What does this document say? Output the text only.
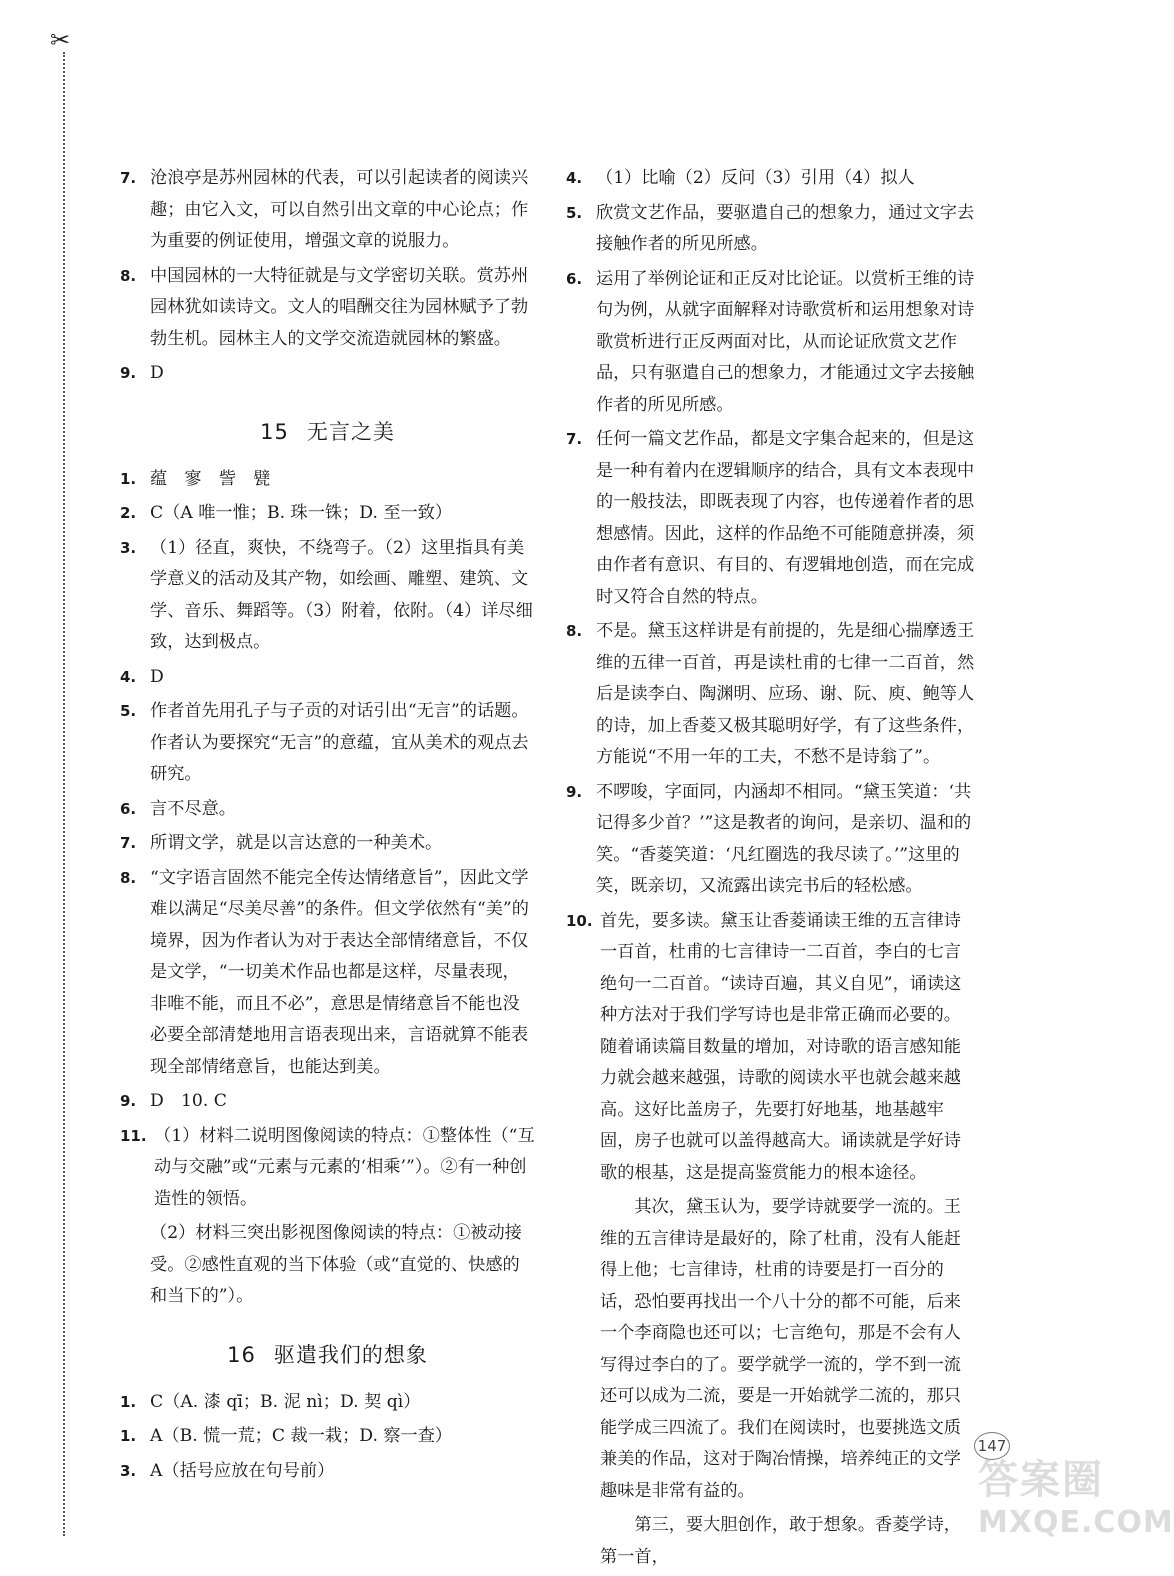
✂
7. 沧浪亭是苏州园林的代表，可以引起读者的阅读兴趣；由它入文，可以自然引出文章的中心论点；作为重要的例证使用，增强文章的说服力。
8. 中国园林的一大特征就是与文学密切关联。赏苏州园林犹如读诗文。文人的唱酬交往为园林赋予了勃勃生机。园林主人的文学交流造就园林的繁盛。
9. D
15 无言之美
1. 蕴　寥　訾　甓
2. C（A 唯一惟；B. 珠一铢；D. 至一致）
3. （1）径直，爽快，不绕弯子。（2）这里指具有美学意义的活动及其产物，如绘画、雕塑、建筑、文学、音乐、舞蹈等。（3）附着，依附。（4）详尽细致，达到极点。
4. D
5. 作者首先用孔子与子贡的对话引出“无言”的话题。作者认为要探究“无言”的意蕴，宜从美术的观点去研究。
6. 言不尽意。
7. 所谓文学，就是以言达意的一种美术。
8. “文字语言固然不能完全传达情绪意旨”，因此文学难以满足“尽美尽善”的条件。但文学依然有“美”的境界，因为作者认为对于表达全部情绪意旨，不仅是文学，“一切美术作品也都是这样，尽量表现，非唯不能，而且不必”，意思是情绪意旨不能也没必要全部清楚地用言语表现出来，言语就算不能表现全部情绪意旨，也能达到美。
9. D　10. C
11. （1）材料二说明图像阅读的特点：①整体性（“互动与交融”或“元素与元素的‘相乘’”）。②有一种创造性的领悟。
（2）材料三突出影视图像阅读的特点：①被动接受。②感性直观的当下体验（或“直觉的、快感的和当下的”）。
16 驱遣我们的想象
1. C（A. 漆 qī；B. 泥 nì；D. 契 qì）
1. A（B. 慌一荒；C 裁一栽；D. 察一查）
3. A（括号应放在句号前）
4. （1）比喻（2）反问（3）引用（4）拟人
5. 欣赏文艺作品，要驱遣自己的想象力，通过文字去接触作者的所见所感。
6. 运用了举例论证和正反对比论证。以赏析王维的诗句为例，从就字面解释对诗歌赏析和运用想象对诗歌赏析进行正反两面对比，从而论证欣赏文艺作品，只有驱遣自己的想象力，才能通过文字去接触作者的所见所感。
7. 任何一篇文艺作品，都是文字集合起来的，但是这是一种有着内在逻辑顺序的结合，具有文本表现中的一般技法，即既表现了内容，也传递着作者的思想感情。因此，这样的作品绝不可能随意拼凑，须由作者有意识、有目的、有逻辑地创造，而在完成时又符合自然的特点。
8. 不是。黛玉这样讲是有前提的，先是细心揣摩透王维的五律一百首，再是读杜甫的七律一二百首，然后是读李白、陶渊明、应玚、谢、阮、庾、鲍等人的诗，加上香菱又极其聪明好学，有了这些条件，方能说“不用一年的工夫，不愁不是诗翁了”。
9. 不啰唆，字面同，内涵却不相同。“黛玉笑道：‘共记得多少首？’”这是教者的询问，是亲切、温和的笑。“香菱笑道：‘凡红圈选的我尽读了。’”这里的笑，既亲切，又流露出读完书后的轻松感。
10. 首先，要多读。黛玉让香菱诵读王维的五言律诗一百首，杜甫的七言律诗一二百首，李白的七言绝句一二百首。“读诗百遍，其义自见”，诵读这种方法对于我们学写诗也是非常正确而必要的。随着诵读篇目数量的增加，对诗歌的语言感知能力就会越来越强，诗歌的阅读水平也就会越来越高。这好比盖房子，先要打好地基，地基越牢固，房子也就可以盖得越高大。诵读就是学好诗歌的根基，这是提高鉴赏能力的根本途径。
其次，黛玉认为，要学诗就要学一流的。王维的五言律诗是最好的，除了杜甫，没有人能赶得上他；七言律诗，杜甫的诗要是打一百分的话，恐怕要再找出一个八十分的都不可能，后来一个李商隐也还可以；七言绝句，那是不会有人写得过李白的了。要学就学一流的，学不到一流还可以成为二流，要是一开始就学二流的，那只能学成三四流了。我们在阅读时，也要挑选文质兼美的作品，这对于陶冶情操，培养纯正的文学趣味是非常有益的。
第三，要大胆创作，敢于想象。香菱学诗，第一首，
147
答案圈
MXQE.COM
